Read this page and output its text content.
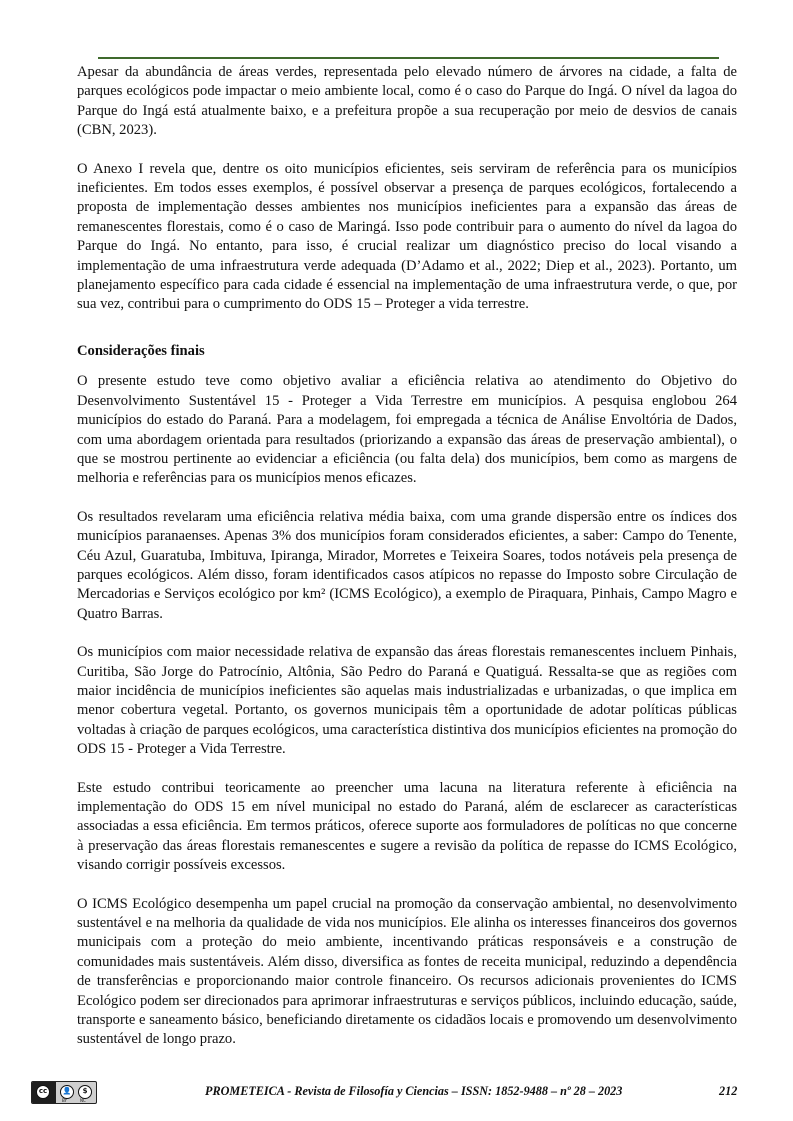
Apesar da abundância de áreas verdes, representada pelo elevado número de árvores na cidade, a falta de parques ecológicos pode impactar o meio ambiente local, como é o caso do Parque do Ingá. O nível da lagoa do Parque do Ingá está atualmente baixo, e a prefeitura propõe a sua recuperação por meio de desvios de canais (CBN, 2023).

O Anexo I revela que, dentre os oito municípios eficientes, seis serviram de referência para os municípios ineficientes. Em todos esses exemplos, é possível observar a presença de parques ecológicos, fortalecendo a proposta de implementação desses ambientes nos municípios ineficientes para a expansão das áreas de remanescentes florestais, como é o caso de Maringá. Isso pode contribuir para o aumento do nível da lagoa do Parque do Ingá. No entanto, para isso, é crucial realizar um diagnóstico preciso do local visando a implementação de uma infraestrutura verde adequada (D’Adamo et al., 2022; Diep et al., 2023). Portanto, um planejamento específico para cada cidade é essencial na implementação de uma infraestrutura verde, o que, por sua vez, contribui para o cumprimento do ODS 15 – Proteger a vida terrestre.

Considerações finais

O presente estudo teve como objetivo avaliar a eficiência relativa ao atendimento do Objetivo do Desenvolvimento Sustentável 15 - Proteger a Vida Terrestre em municípios. A pesquisa englobou 264 municípios do estado do Paraná. Para a modelagem, foi empregada a técnica de Análise Envoltória de Dados, com uma abordagem orientada para resultados (priorizando a expansão das áreas de preservação ambiental), o que se mostrou pertinente ao evidenciar a eficiência (ou falta dela) dos municípios, bem como as margens de melhoria e referências para os municípios menos eficazes.

Os resultados revelaram uma eficiência relativa média baixa, com uma grande dispersão entre os índices dos municípios paranaenses. Apenas 3% dos municípios foram considerados eficientes, a saber: Campo do Tenente, Céu Azul, Guaratuba, Imbituva, Ipiranga, Mirador, Morretes e Teixeira Soares, todos notáveis pela presença de parques ecológicos. Além disso, foram identificados casos atípicos no repasse do Imposto sobre Circulação de Mercadorias e Serviços ecológico por km² (ICMS Ecológico), a exemplo de Piraquara, Pinhais, Campo Magro e Quatro Barras.

Os municípios com maior necessidade relativa de expansão das áreas florestais remanescentes incluem Pinhais, Curitiba, São Jorge do Patrocínio, Altônia, São Pedro do Paraná e Quatiguá. Ressalta-se que as regiões com maior incidência de municípios ineficientes são aquelas mais industrializadas e urbanizadas, o que implica em menor cobertura vegetal. Portanto, os governos municipais têm a oportunidade de adotar políticas públicas voltadas à criação de parques ecológicos, uma característica distintiva dos municípios eficientes na promoção do ODS 15 - Proteger a Vida Terrestre.

Este estudo contribui teoricamente ao preencher uma lacuna na literatura referente à eficiência na implementação do ODS 15 em nível municipal no estado do Paraná, além de esclarecer as características associadas a essa eficiência. Em termos práticos, oferece suporte aos formuladores de políticas no que concerne à preservação das áreas florestais remanescentes e sugere a revisão da política de repasse do ICMS Ecológico, visando corrigir possíveis excessos.

O ICMS Ecológico desempenha um papel crucial na promoção da conservação ambiental, no desenvolvimento sustentável e na melhoria da qualidade de vida nos municípios. Ele alinha os interesses financeiros dos governos municipais com a proteção do meio ambiente, incentivando práticas responsáveis e a construção de comunidades mais sustentáveis. Além disso, diversifica as fontes de receita municipal, reduzindo a dependência de transferências e proporcionando maior controle financeiro. Os recursos adicionais provenientes do ICMS Ecológico podem ser direcionados para aprimorar infraestruturas e serviços públicos, incluindo educação, saúde, transporte e saneamento básico, beneficiando diretamente os cidadãos locais e promovendo um desenvolvimento sustentável de longo prazo.

cc	👤	$
BY	NC
PROMETEICA - Revista de Filosofía y Ciencias – ISSN: 1852-9488 – nº 28 – 2023	212
